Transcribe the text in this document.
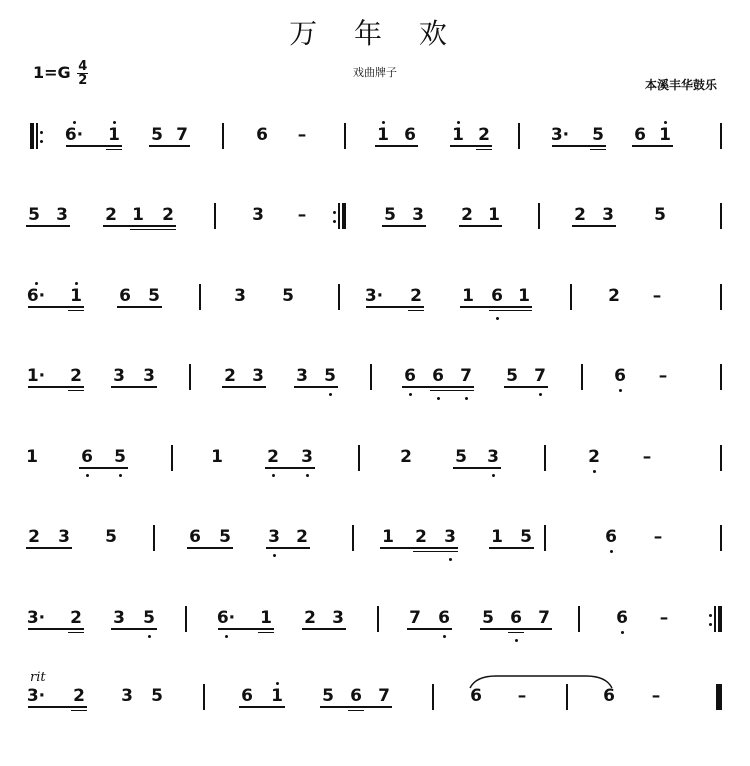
万 年 欢
$1=G \frac{4}{2}$	戏曲牌子
本溪丰华鼓乐
rit
6· 1 5 7	6 –	1 6 1 2	3· 5 6 1
5 3 2 1 2	3 –	5 3 2 1	2 3 5
6· 1 6 5	3 5	3· 2 1 6 1	2 –
1· 2 3 3	2 3 3 5	6 6 7 5 7	6 –
1	6 5	1	2 3	2	5 3	2	–
2 3 5	6 5 3 2	1 2 3 1 5	6 –
3· 2 3 5	6· 1 2 3	7 6 5 6 7	6 –
3· 2 3 5	6 1 5 6 7	6 –	6 –
